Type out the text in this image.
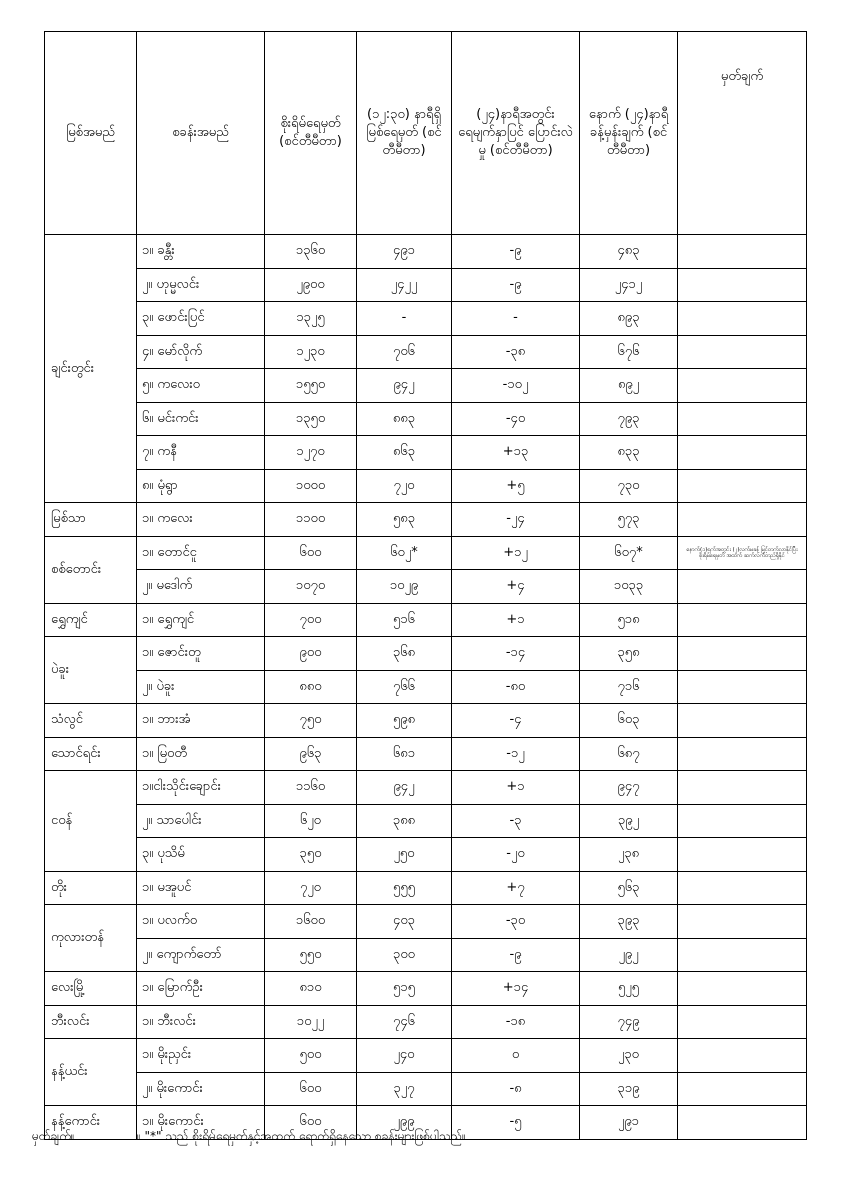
မြစ်အမည်	စခန်းအမည်	စိုးရိမ်ရေမှတ် (စင်တီမီတာ)	(၁၂:၃၀) နာရီရှိ မြစ်ရေမှတ် (စင်တီမီတာ)	(၂၄)နာရီအတွင်း ရေမျက်နှာပြင် ပြောင်းလဲမှု (စင်တီမီတာ)	နောက် (၂၄)နာရီ ခန့်မှန်းချက် (စင်တီမီတာ)	မှတ်ချက်
ချင်းတွင်း	၁။ ခန္တီး	၁၃၆၀	၄၉၁	-၉	၄၈၃	
	၂။ ဟုမ္မလင်း	၂၉၀၀	၂၄၂၂	-၉	၂၄၁၂	
	၃။ ဖောင်းပြင်	၁၃၂၅	-	-	၈၉၃	
	၄။ မော်လိုက်	၁၂၃၀	၇၀၆	-၃၈	၆၇၆	
	၅။ ကလေးဝ	၁၅၅၀	၉၄၂	-၁၀၂	၈၉၂	
	၆။ မင်းကင်း	၁၃၅၀	၈၈၃	-၄၀	၇၉၃	
	၇။ ကနီ	၁၂၇၀	၈၆၃	+၁၃	၈၃၃	
	၈။ မုံရွာ	၁၀၀၀	၇၂၀	+၅	၇၃၀	
မြစ်သာ	၁။ ကလေး	၁၁၀၀	၅၈၃	-၂၄	၅၇၃	
စစ်တောင်း	၁။ တောင်ငူ	၆၀၀	၆၀၂*	+၁၂	၆၀၇*	နောက်(၁)ရက်အတွင်း (၂)လက်မခန့် မြင့်တက်လာနိုင်ပြီး စိုးရိမ်ရေမှတ် အထက် ဆက်လက်တည်ရှိနိုင်
	၂။ မဒေါက်	၁၀၇၀	၁၀၂၉	+၄	၁၀၃၃	
ရွှေကျင်	၁။ ရွှေကျင်	၇၀၀	၅၁၆	+၁	၅၁၈	
ပဲခူး	၁။ ဇောင်းတူ	၉၀၀	၃၆၈	-၁၄	၃၅၈	
	၂။ ပဲခူး	၈၈၀	၇၆၆	-၈၀	၇၁၆	
သံလွင်	၁။ ဘားအံ	၇၅၀	၅၉၈	-၄	၆၀၃	
သောင်ရင်း	၁။ မြဝတီ	၉၆၃	၆၈၁	-၁၂	၆၈၇	
ငဝန်	၁။ငါးသိုင်းချောင်း	၁၁၆၀	၉၄၂	+၁	၉၄၇	
	၂။ သာပေါင်း	၆၂၀	၃၈၈	-၃	၃၉၂	
	၃။ ပုသိမ်	၃၅၀	၂၅၀	-၂၀	၂၃၈	
တိုး	၁။ မအူပင်	၇၂၀	၅၅၅	+၇	၅၆၃	
ကုလားတန်	၁။ ပလက်ဝ	၁၆၀၀	၄၀၃	-၃၀	၃၉၃	
	၂။ ကျောက်တော်	၅၅၀	၃၀၀	-၉	၂၉၂	
လေးမြို့	၁။ မြောက်ဦး	၈၁၀	၅၁၅	+၁၄	၅၂၅	
ဘီးလင်း	၁။ ဘီးလင်း	၁၀၂၂	၇၄၆	-၁၈	၇၄၉	
နန့်ယင်း	၁။ မိုးညှင်း	၅၀၀	၂၄၀	၀	၂၃၀	
	၂။ မိုးကောင်း	၆၀၀	၃၂၇	-၈	၃၁၉	
နန့်ကောင်း	၁။ မိုးကောင်း	၆၀၀	၂၉၉	-၅	၂၉၁	
မှတ်ချက်။	။ "*" သည် စိုးရိမ်ရေမှတ်နှင့်အထက် ရောက်ရှိနေသော စခန်းများဖြစ်ပါသည်။
